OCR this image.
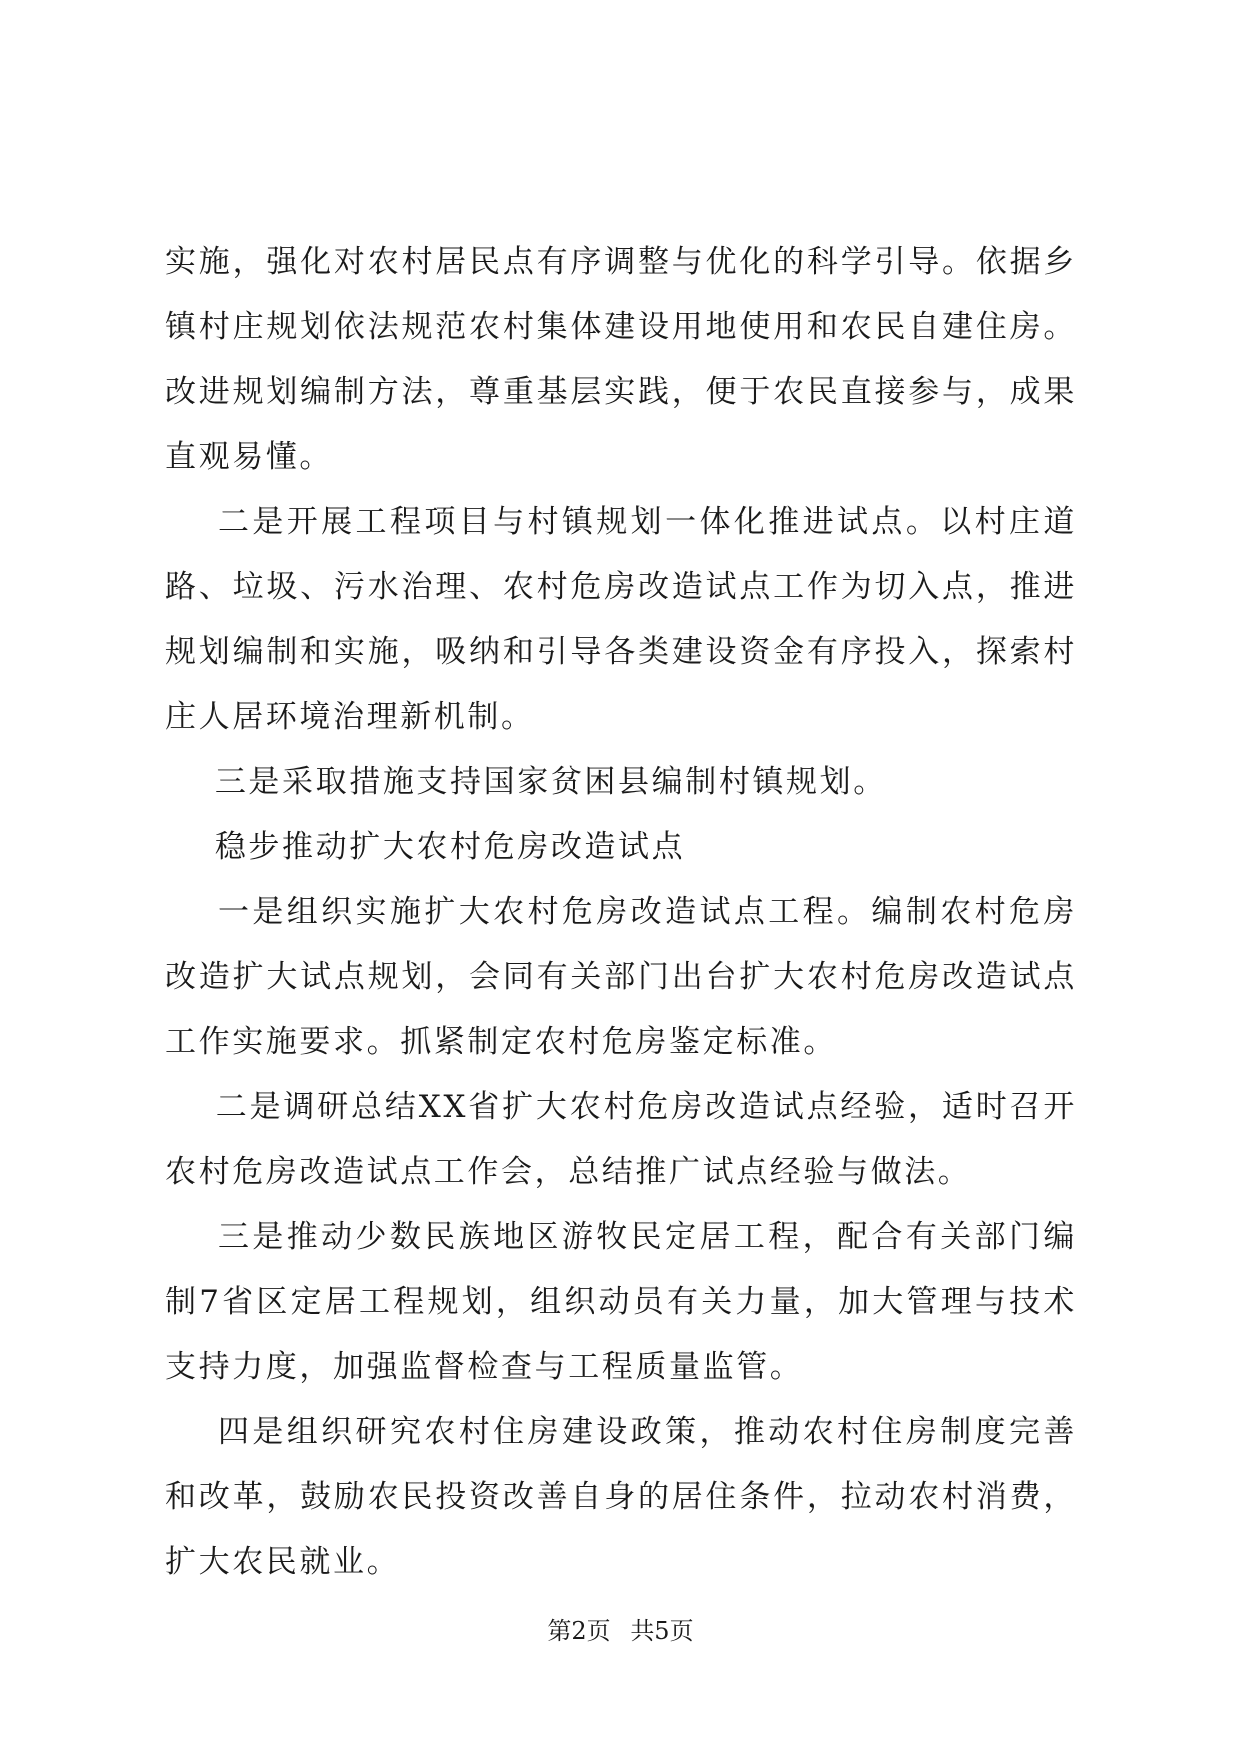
实施，强化对农村居民点有序调整与优化的科学引导。依据乡镇村庄规划依法规范农村集体建设用地使用和农民自建住房。改进规划编制方法，尊重基层实践，便于农民直接参与，成果直观易懂。

二是开展工程项目与村镇规划一体化推进试点。以村庄道路、垃圾、污水治理、农村危房改造试点工作为切入点，推进规划编制和实施，吸纳和引导各类建设资金有序投入，探索村庄人居环境治理新机制。

三是采取措施支持国家贫困县编制村镇规划。

稳步推动扩大农村危房改造试点

一是组织实施扩大农村危房改造试点工程。编制农村危房改造扩大试点规划，会同有关部门出台扩大农村危房改造试点工作实施要求。抓紧制定农村危房鉴定标准。

二是调研总结XX省扩大农村危房改造试点经验，适时召开农村危房改造试点工作会，总结推广试点经验与做法。

三是推动少数民族地区游牧民定居工程，配合有关部门编制7省区定居工程规划，组织动员有关力量，加大管理与技术支持力度，加强监督检查与工程质量监管。

四是组织研究农村住房建设政策，推动农村住房制度完善和改革，鼓励农民投资改善自身的居住条件，拉动农村消费，扩大农民就业。

第2页 共5页
